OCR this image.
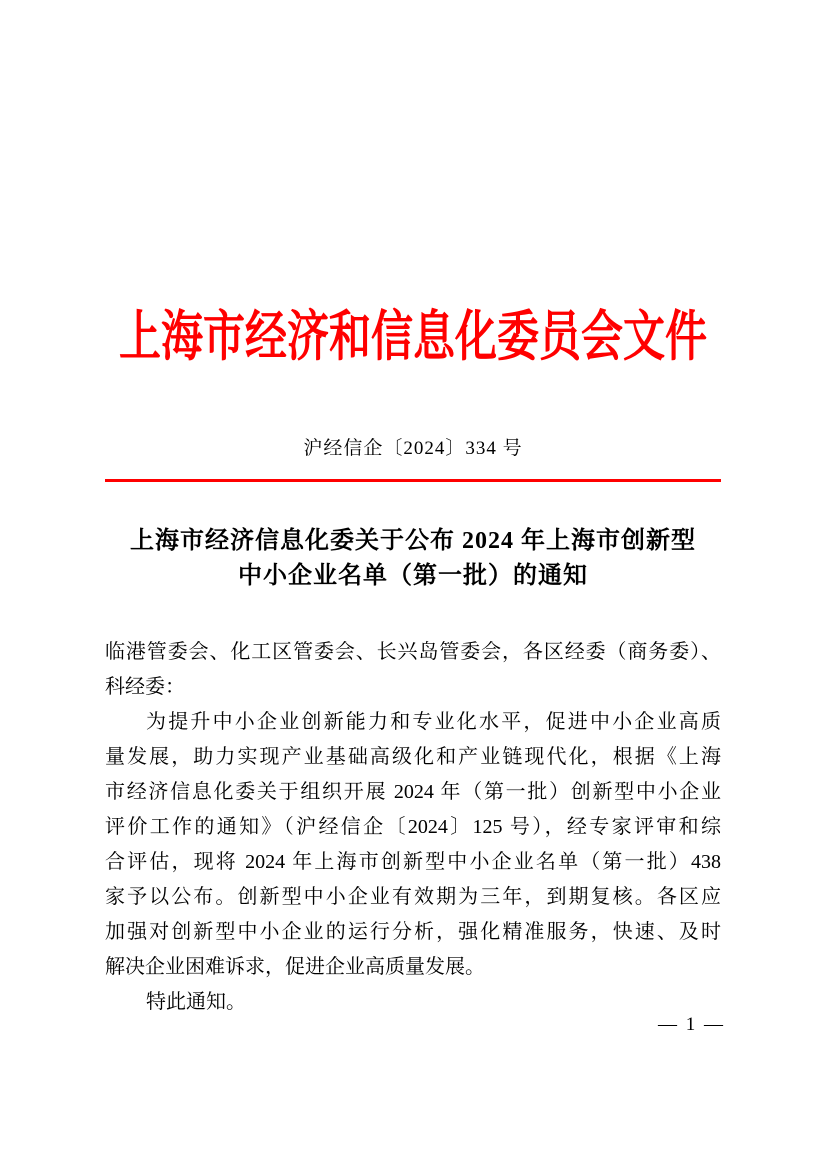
上海市经济和信息化委员会文件
沪经信企〔2024〕334 号
上海市经济信息化委关于公布 2024 年上海市创新型
中小企业名单（第一批）的通知
临港管委会、化工区管委会、长兴岛管委会，各区经委（商务委）、
科经委：
为提升中小企业创新能力和专业化水平，促进中小企业高质
量发展，助力实现产业基础高级化和产业链现代化，根据《上海
市经济信息化委关于组织开展 2024 年（第一批）创新型中小企业
评价工作的通知》（沪经信企〔2024〕125 号），经专家评审和综
合评估，现将 2024 年上海市创新型中小企业名单（第一批）438
家予以公布。创新型中小企业有效期为三年，到期复核。各区应
加强对创新型中小企业的运行分析，强化精准服务，快速、及时
解决企业困难诉求，促进企业高质量发展。
特此通知。
— 1 —
